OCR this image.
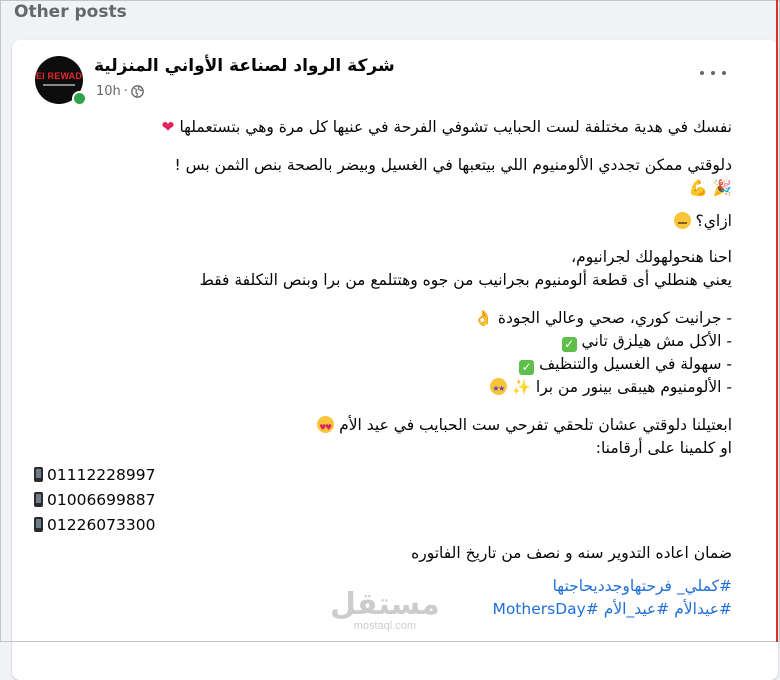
Other posts
El REWAD شركة الرواد لصناعة الأواني المنزلية
10h ·
نفسك في هدية مختلفة لست الحبايب تشوفي الفرحة في عنيها كل مرة وهي بتستعملها ❤
دلوقتي ممكن تجددي الألومنيوم اللي بيتعبها في الغسيل وبيضر بالصحة بنص الثمن بس !
🎉 💪
ازاي؟
احنا هنحولهولك لجرانيوم،
يعني هنطلي أى قطعة ألومنيوم بجرانيب من جوه وهتتلمع من برا وبنص التكلفة فقط
- جرانيت كوري، صحي وعالي الجودة 👌
- الأكل مش هيلزق تاني ✓
- سهولة في الغسيل والتنظيف ✓
- الألومنيوم هيبقى بينور من برا ✨ ★ ★
ابعتيلنا دلوقتي عشان تلحقي تفرحي ست الحبايب في عيد الأم ♥ ♥
او كلمينا على أرقامنا:
01112228997
01006699887
01226073300
ضمان اعاده التدوير سنه و نصف من تاريخ الفاتوره
#كملي_ فرحتهاوجدديحاجتها
#عيدالأم #عيد_الأم #MothersDay
مستقل
mostaql.com
